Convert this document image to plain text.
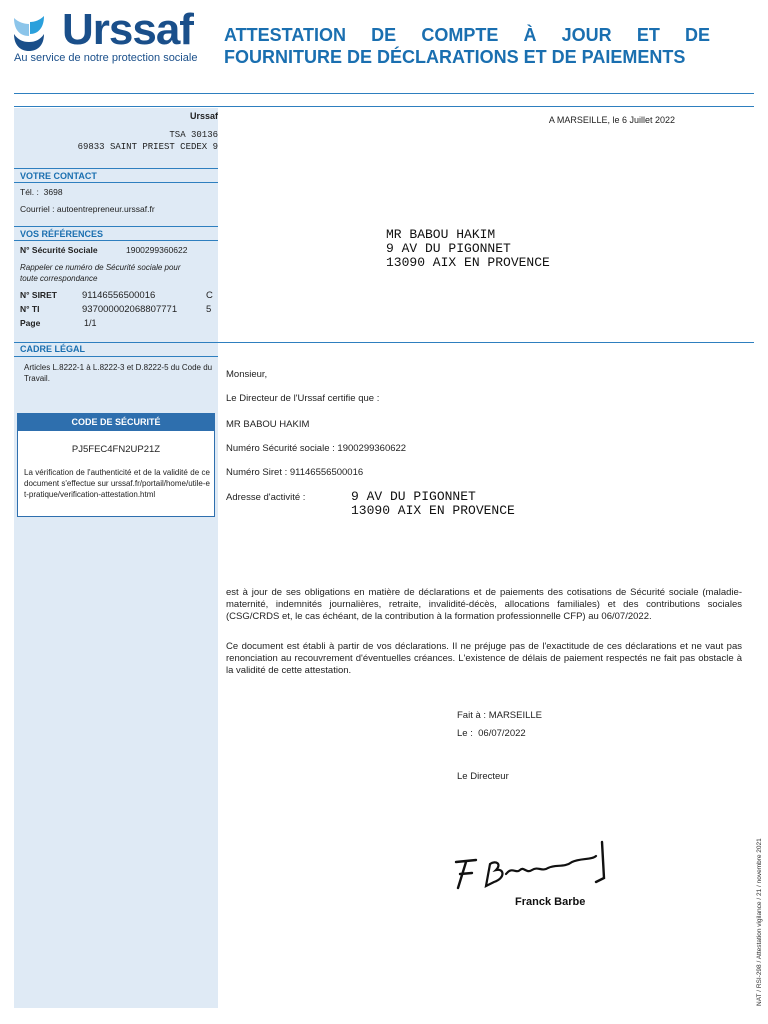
Urssaf
Au service de notre protection sociale
ATTESTATION DE COMPTE À JOUR ET DE
FOURNITURE DE DÉCLARATIONS ET DE PAIEMENTS
Urssaf
TSA 30136
69833 SAINT PRIEST CEDEX 9
A MARSEILLE, le 6 Juillet 2022
VOTRE CONTACT
Tél. : 3698
Courriel : autoentrepreneur.urssaf.fr
VOS RÉFÉRENCES
N° Sécurité Sociale	1900299360622
Rappeler ce numéro de Sécurité sociale pour toute correspondance
N° SIRET	91146556500016	C
N° TI	937000002068807771	5
Page	1/1
CADRE LÉGAL
Articles L.8222-1 à L.8222-3 et D.8222-5 du Code du Travail.
CODE DE SÉCURITÉ
PJ5FEC4FN2UP21Z
La vérification de l'authenticité et de la validité de ce document s'effectue sur urssaf.fr/portail/home/utile-et-pratique/verification-attestation.html
MR BABOU HAKIM
9 AV DU PIGONNET
13090 AIX EN PROVENCE
Monsieur,
Le Directeur de l'Urssaf certifie que :
MR BABOU HAKIM
Numéro Sécurité sociale : 1900299360622
Numéro Siret : 91146556500016
Adresse d'activité :	9 AV DU PIGONNET
13090 AIX EN PROVENCE
est à jour de ses obligations en matière de déclarations et de paiements des cotisations de Sécurité sociale (maladie-maternité, indemnités journalières, retraite, invalidité-décès, allocations familiales) et des contributions sociales (CSG/CRDS et, le cas échéant, de la contribution à la formation professionnelle CFP) au 06/07/2022.
Ce document est établi à partir de vos déclarations. Il ne préjuge pas de l'exactitude de ces déclarations et ne vaut pas renonciation au recouvrement d'éventuelles créances. L'existence de délais de paiement respectés ne fait pas obstacle à la validité de cette attestation.
Fait à : MARSEILLE
Le : 06/07/2022
Le Directeur
Franck Barbe	NAT / RSI-298 / Attestation vigilance / 21 / novembre 2021
